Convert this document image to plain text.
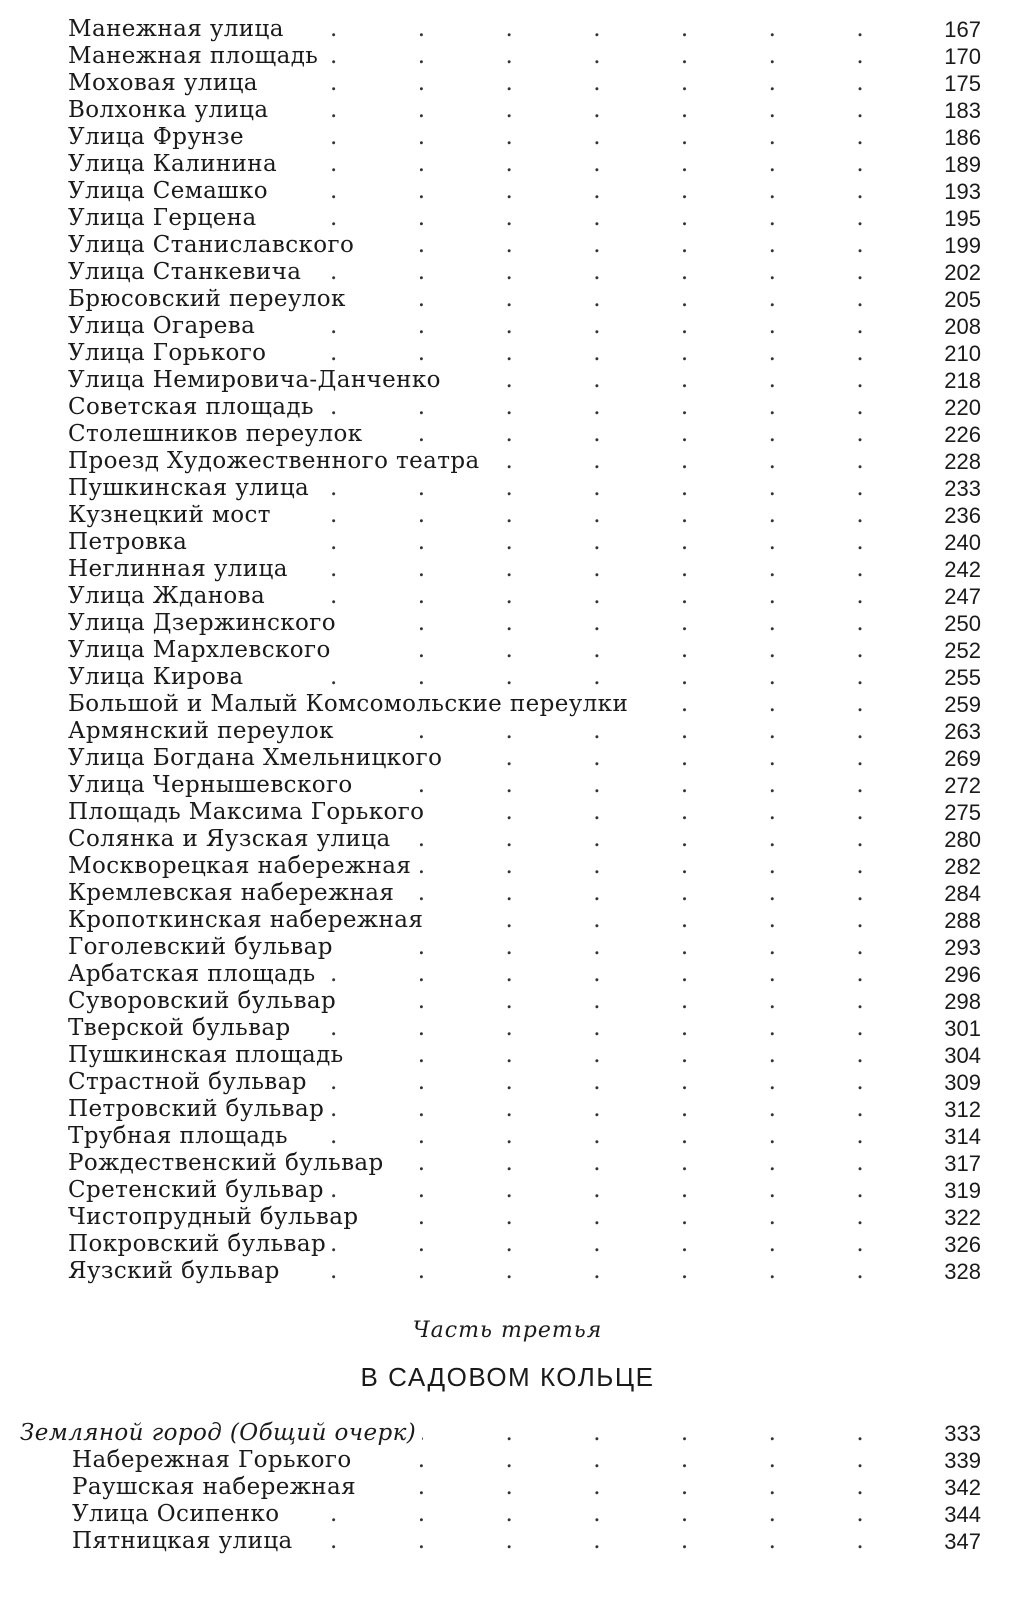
.
Манежная улица	167
.
Манежная площадь	170
.
Моховая улица	175
.
Волхонка улица	183
.
Улица Фрунзе	186
.
Улица Калинина	189
.
Улица Семашко	193
.
Улица Герцена	195
.
Улица Станиславского	199
.
Улица Станкевича	202
.
Брюсовский переулок	205
.
Улица Огарева	208
.
Улица Горького	210
.
Улица Немировича-Данченко	218
.
Советская площадь	220
.
Столешников переулок	226
.
Проезд Художественного театра	228
.
Пушкинская улица	233
.
Кузнецкий мост	236
.
Петровка	240
.
Неглинная улица	242
.
Улица Жданова	247
.
Улица Дзержинского	250
.
Улица Мархлевского	252
.
Улица Кирова	255
.
Большой и Малый Комсомольские переулки	259
.
Армянский переулок	263
.
Улица Богдана Хмельницкого	269
.
Улица Чернышевского	272
.
Площадь Максима Горького	275
.
Солянка и Яузская улица	280
.
Москворецкая набережная	282
.
Кремлевская набережная	284
.
Кропоткинская набережная	288
.
Гоголевский бульвар	293
.
Арбатская площадь	296
.
Суворовский бульвар	298
.
Тверской бульвар	301
.
Пушкинская площадь	304
.
Страстной бульвар	309
.
Петровский бульвар	312
.
Трубная площадь	314
.
Рождественский бульвар	317
.
Сретенский бульвар	319
.
Чистопрудный бульвар	322
.
Покровский бульвар	326
.
Яузский бульвар	328
Часть третья
В САДОВОМ КОЛЬЦЕ
.
Земляной город (Общий очерк)	333
.
Набережная Горького	339
.
Раушская набережная	342
.
Улица Осипенко	344
.
Пятницкая улица	347
